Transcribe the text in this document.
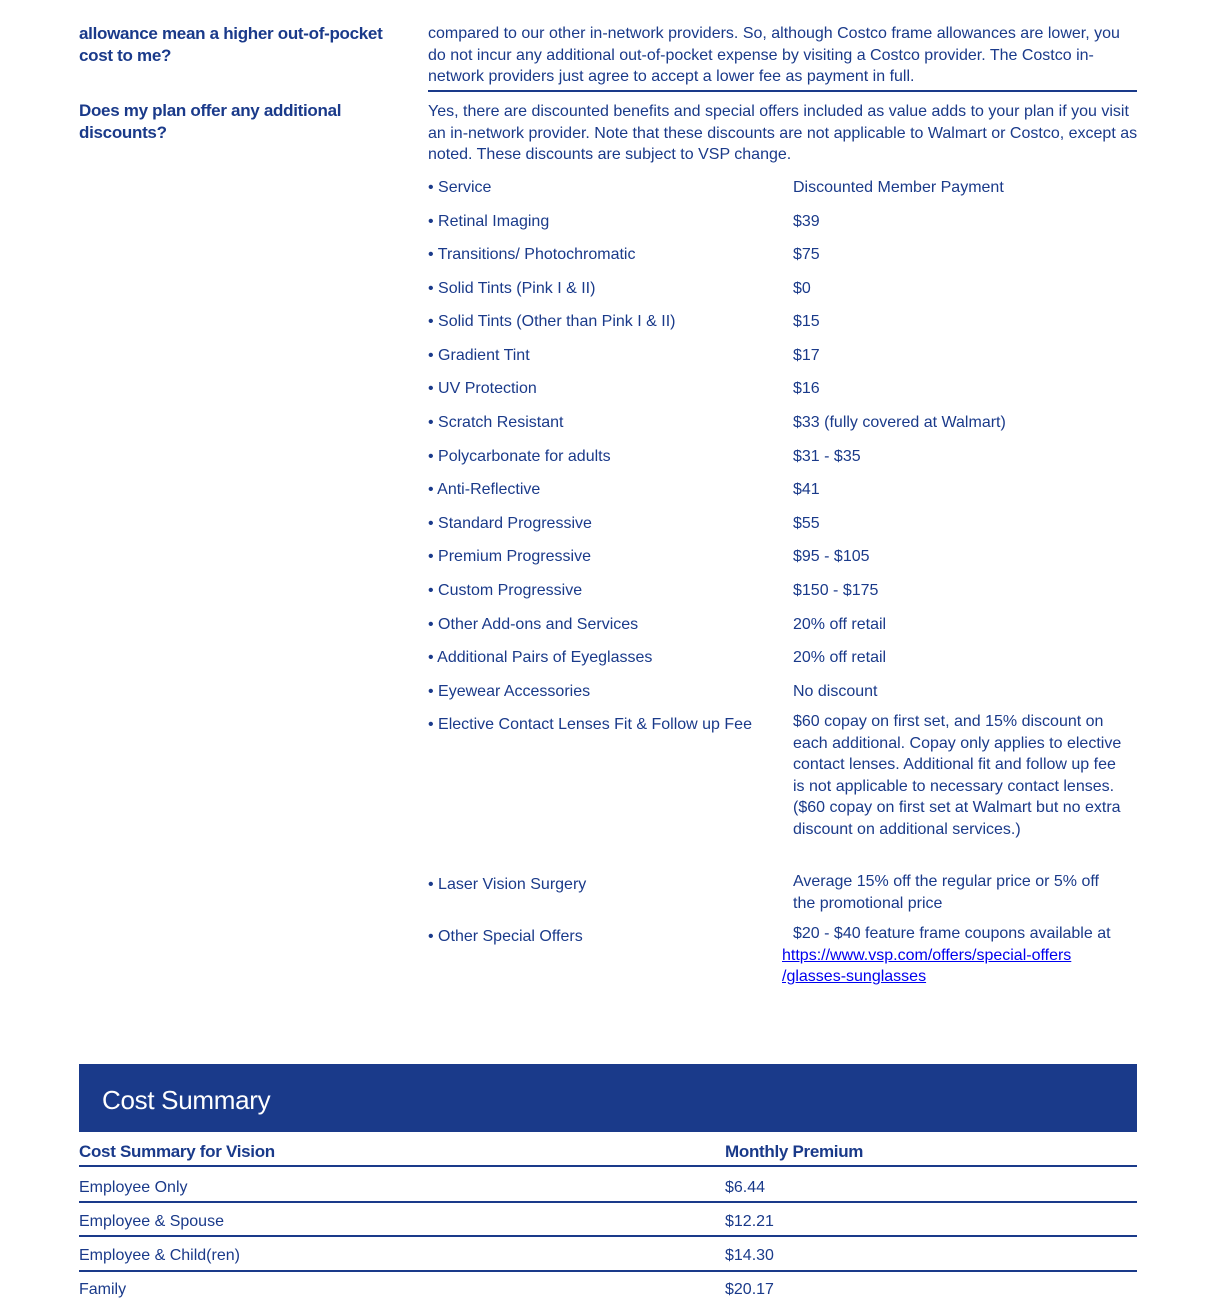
allowance mean a higher out-of-pocket cost to me?
compared to our other in-network providers. So, although Costco frame allowances are lower, you do not incur any additional out-of-pocket expense by visiting a Costco provider. The Costco in-network providers just agree to accept a lower fee as payment in full.
Does my plan offer any additional discounts?
Yes, there are discounted benefits and special offers included as value adds to your plan if you visit an in-network provider. Note that these discounts are not applicable to Walmart or Costco, except as noted. These discounts are subject to VSP change.
• Service	Discounted Member Payment
• Retinal Imaging	$39
• Transitions/ Photochromatic	$75
• Solid Tints (Pink I & II)	$0
• Solid Tints (Other than Pink I & II)	$15
• Gradient Tint	$17
• UV Protection	$16
• Scratch Resistant	$33 (fully covered at Walmart)
• Polycarbonate for adults	$31 - $35
• Anti-Reflective	$41
• Standard Progressive	$55
• Premium Progressive	$95 - $105
• Custom Progressive	$150 - $175
• Other Add-ons and Services	20% off retail
• Additional Pairs of Eyeglasses	20% off retail
• Eyewear Accessories	No discount
• Elective Contact Lenses Fit & Follow up Fee	$60 copay on first set, and 15% discount on each additional. Copay only applies to elective contact lenses. Additional fit and follow up fee is not applicable to necessary contact lenses. ($60 copay on first set at Walmart but no extra discount on additional services.)
• Laser Vision Surgery	Average 15% off the regular price or 5% off the promotional price
• Other Special Offers	$20 - $40 feature frame coupons available at
https://www.vsp.com/offers/special-offers
/glasses-sunglasses
Cost Summary
Cost Summary for Vision	Monthly Premium
Employee Only	$6.44
Employee & Spouse	$12.21
Employee & Child(ren)	$14.30
Family	$20.17
